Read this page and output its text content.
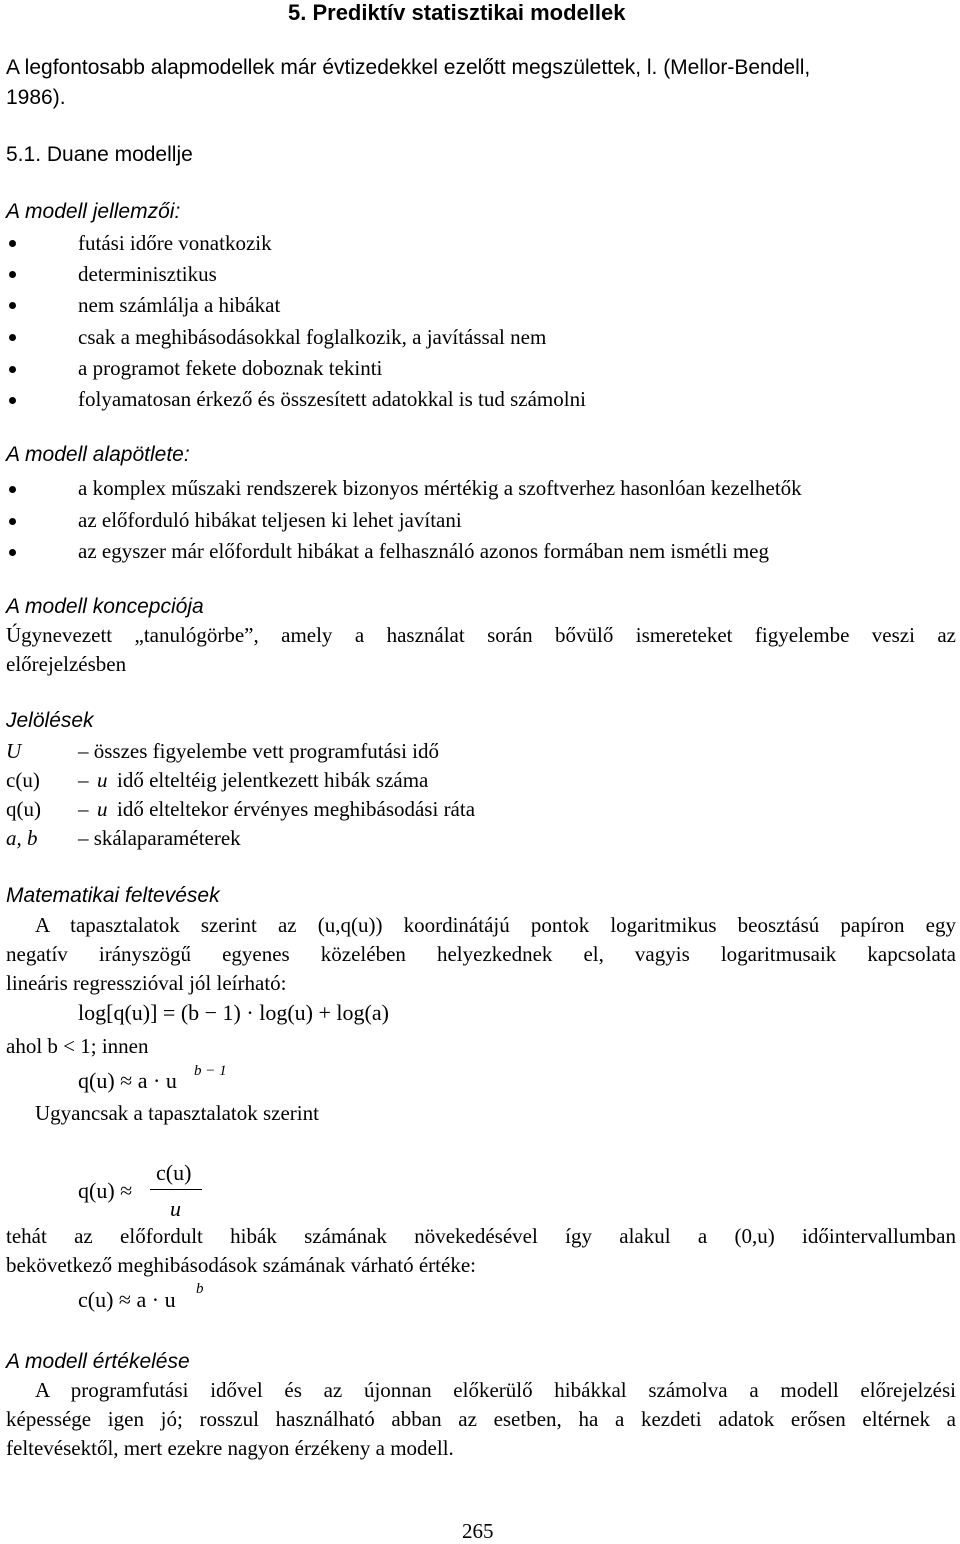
5. Prediktív statisztikai modellek
A legfontosabb alapmodellek már évtizedekkel ezelőtt megszülettek, l. (Mellor-Bendell,
1986).
5.1. Duane modellje
A modell jellemzői:
futási időre vonatkozik
determinisztikus
nem számlálja a hibákat
csak a meghibásodásokkal foglalkozik, a javítással nem
a programot fekete doboznak tekinti
folyamatosan érkező és összesített adatokkal is tud számolni
A modell alapötlete:
a komplex műszaki rendszerek bizonyos mértékig a szoftverhez hasonlóan kezelhetők
az előforduló hibákat teljesen ki lehet javítani
az egyszer már előfordult hibákat a felhasználó azonos formában nem ismétli meg
A modell koncepciója
Úgynevezett „tanulógörbe”, amely a használat során bővülő ismereteket figyelembe veszi az
előrejelzésben
Jelölések
U	– összes figyelembe vett programfutási idő
c(u) – u idő elteltéig jelentkezett hibák száma
q(u) – u idő elteltekor érvényes meghibásodási ráta
a, b – skálaparaméterek
Matematikai feltevések
A tapasztalatok szerint az (u,q(u)) koordinátájú pontok logaritmikus beosztású papíron egy
negatív irányszögű egyenes közelében helyezkednek el, vagyis logaritmusaik kapcsolata
lineáris regresszióval jól leírható:
log[q(u)] = (b − 1) · log(u) + log(a)
ahol b < 1; innen
q(u) ≈ a · u b − 1
Ugyancsak a tapasztalatok szerint
q(u) ≈
c(u)
u
tehát az előfordult hibák számának növekedésével így alakul a (0,u) időintervallumban
bekövetkező meghibásodások számának várható értéke:
c(u) ≈ a · u b
A modell értékelése
A programfutási idővel és az újonnan előkerülő hibákkal számolva a modell előrejelzési
képessége igen jó; rosszul használható abban az esetben, ha a kezdeti adatok erősen eltérnek a
feltevésektől, mert ezekre nagyon érzékeny a modell.
265
